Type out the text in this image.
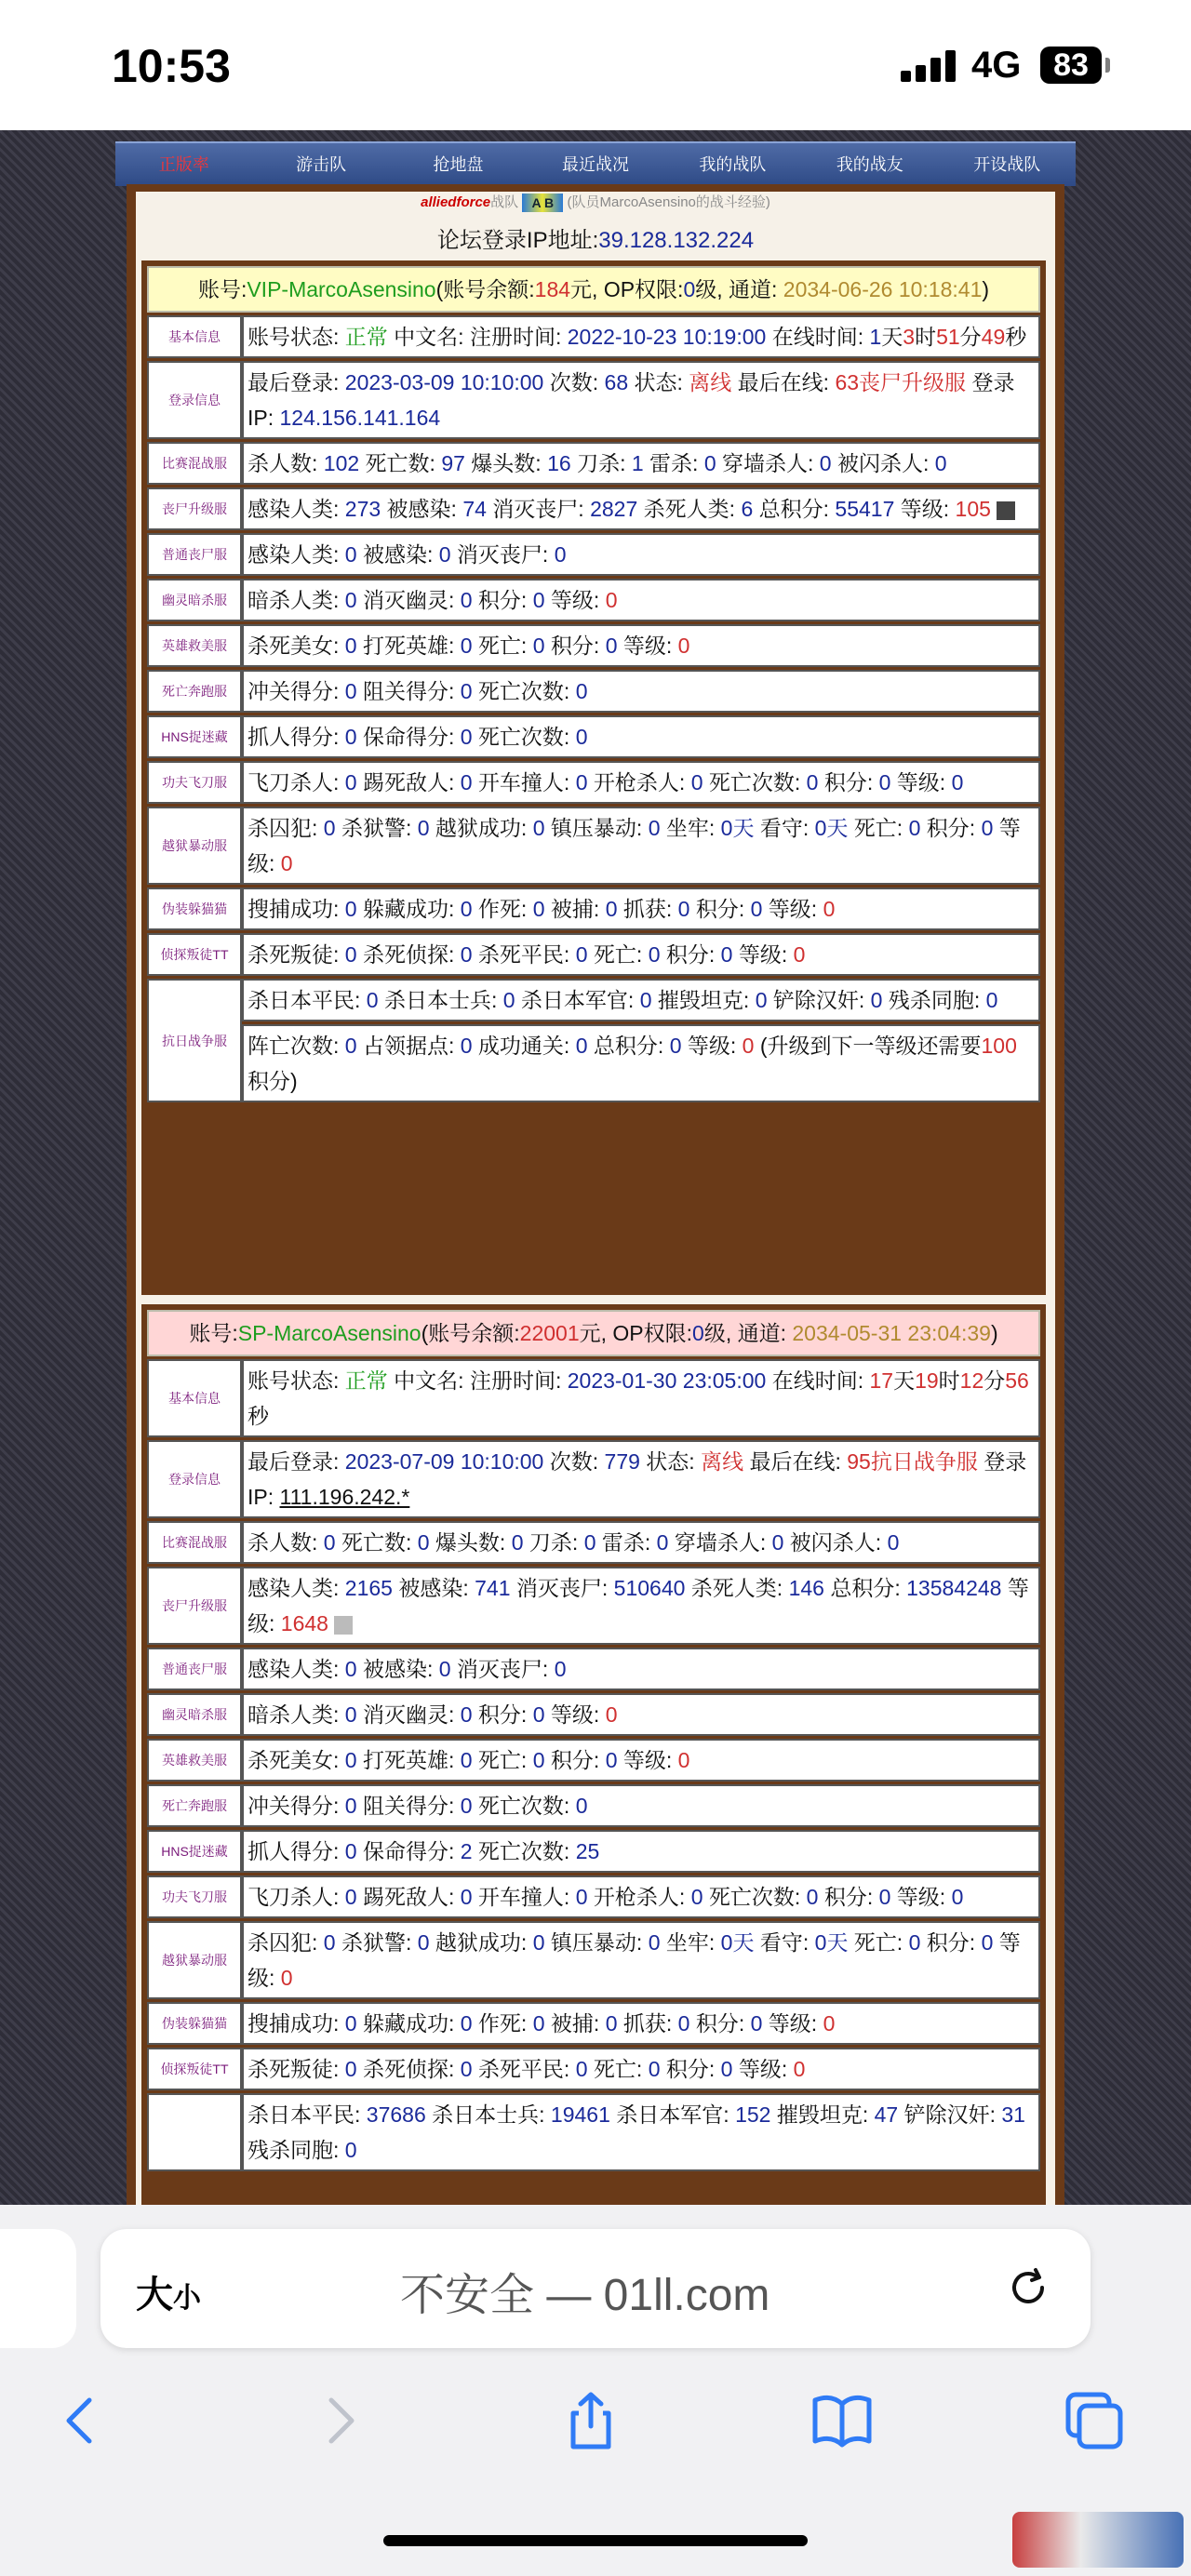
10:53	4G	83
正版率	游击队	抢地盘	最近战况	我的战队	我的战友	开设战队
alliedforce战队 A B (队员MarcoAsensino的战斗经验)
论坛登录IP地址:39.128.132.224
账号:VIP-MarcoAsensino(账号余额:184元, OP权限:0级, 通道: 2034-06-26 10:18:41)
基本信息	账号状态: 正常 中文名: 注册时间: 2022-10-23 10:19:00 在线时间: 1天3时51分49秒
登录信息	最后登录: 2023-03-09 10:10:00 次数: 68 状态: 离线 最后在线: 63丧尸升级服 登录IP: 124.156.141.164
比赛混战服	杀人数: 102 死亡数: 97 爆头数: 16 刀杀: 1 雷杀: 0 穿墙杀人: 0 被闪杀人: 0
丧尸升级服	感染人类: 273 被感染: 74 消灭丧尸: 2827 杀死人类: 6 总积分: 55417 等级: 105
普通丧尸服	感染人类: 0 被感染: 0 消灭丧尸: 0
幽灵暗杀服	暗杀人类: 0 消灭幽灵: 0 积分: 0 等级: 0
英雄救美服	杀死美女: 0 打死英雄: 0 死亡: 0 积分: 0 等级: 0
死亡奔跑服	冲关得分: 0 阻关得分: 0 死亡次数: 0
HNS捉迷藏	抓人得分: 0 保命得分: 0 死亡次数: 0
功夫飞刀服	飞刀杀人: 0 踢死敌人: 0 开车撞人: 0 开枪杀人: 0 死亡次数: 0 积分: 0 等级: 0
越狱暴动服	杀囚犯: 0 杀狱警: 0 越狱成功: 0 镇压暴动: 0 坐牢: 0天 看守: 0天 死亡: 0 积分: 0 等级: 0
伪装躲猫猫	搜捕成功: 0 躲藏成功: 0 作死: 0 被捕: 0 抓获: 0 积分: 0 等级: 0
侦探叛徒TT	杀死叛徒: 0 杀死侦探: 0 杀死平民: 0 死亡: 0 积分: 0 等级: 0
抗日战争服	杀日本平民: 0 杀日本士兵: 0 杀日本军官: 0 摧毁坦克: 0 铲除汉奸: 0 残杀同胞: 0
	阵亡次数: 0 占领据点: 0 成功通关: 0 总积分: 0 等级: 0 (升级到下一等级还需要100积分)
账号:SP-MarcoAsensino(账号余额:22001元, OP权限:0级, 通道: 2034-05-31 23:04:39)
基本信息	账号状态: 正常 中文名: 注册时间: 2023-01-30 23:05:00 在线时间: 17天19时12分56秒
登录信息	最后登录: 2023-07-09 10:10:00 次数: 779 状态: 离线 最后在线: 95抗日战争服 登录IP: 111.196.242.*
比赛混战服	杀人数: 0 死亡数: 0 爆头数: 0 刀杀: 0 雷杀: 0 穿墙杀人: 0 被闪杀人: 0
丧尸升级服	感染人类: 2165 被感染: 741 消灭丧尸: 510640 杀死人类: 146 总积分: 13584248 等级: 1648
普通丧尸服	感染人类: 0 被感染: 0 消灭丧尸: 0
幽灵暗杀服	暗杀人类: 0 消灭幽灵: 0 积分: 0 等级: 0
英雄救美服	杀死美女: 0 打死英雄: 0 死亡: 0 积分: 0 等级: 0
死亡奔跑服	冲关得分: 0 阻关得分: 0 死亡次数: 0
HNS捉迷藏	抓人得分: 0 保命得分: 2 死亡次数: 25
功夫飞刀服	飞刀杀人: 0 踢死敌人: 0 开车撞人: 0 开枪杀人: 0 死亡次数: 0 积分: 0 等级: 0
越狱暴动服	杀囚犯: 0 杀狱警: 0 越狱成功: 0 镇压暴动: 0 坐牢: 0天 看守: 0天 死亡: 0 积分: 0 等级: 0
伪装躲猫猫	搜捕成功: 0 躲藏成功: 0 作死: 0 被捕: 0 抓获: 0 积分: 0 等级: 0
侦探叛徒TT	杀死叛徒: 0 杀死侦探: 0 杀死平民: 0 死亡: 0 积分: 0 等级: 0
	杀日本平民: 37686 杀日本士兵: 19461 杀日本军官: 152 摧毁坦克: 47 铲除汉奸: 31 残杀同胞: 0
大小	不安全 — 01ll.com
